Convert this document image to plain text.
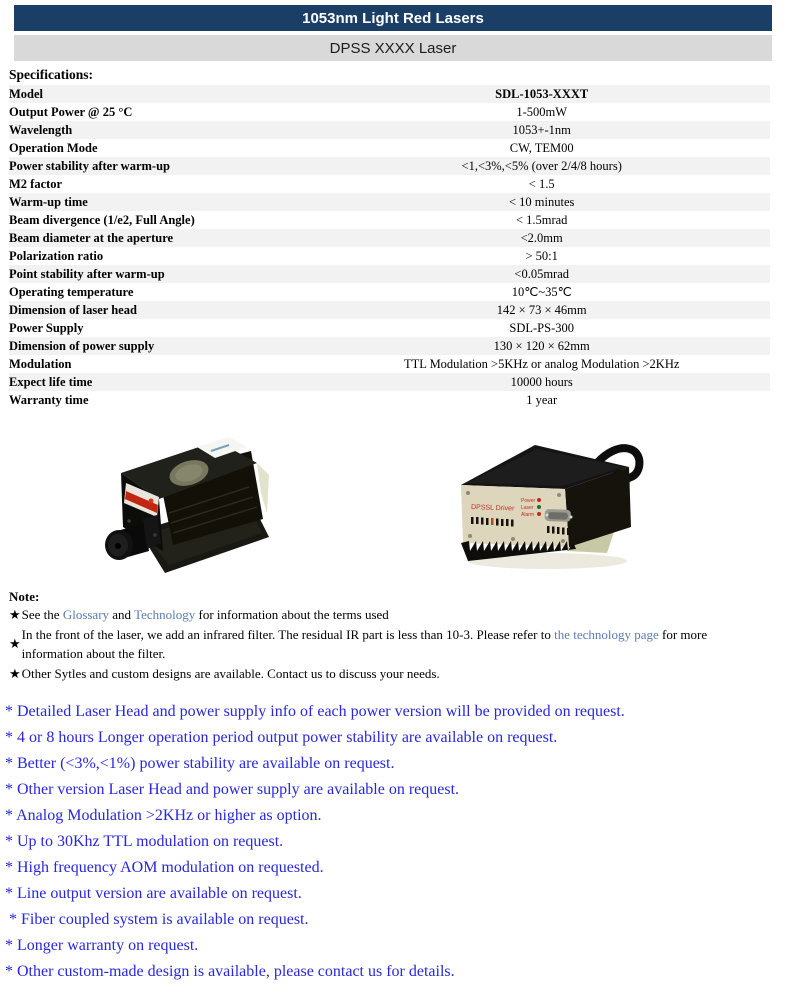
1053nm Light Red Lasers
DPSS XXXX Laser
Specifications:
Model	SDL-1053-XXXT
Output Power @ 25 °C	1-500mW
Wavelength	1053+-1nm
Operation Mode	CW, TEM00
Power stability after warm-up	<1,<3%,<5% (over 2/4/8 hours)
M2 factor	< 1.5
Warm-up time	< 10 minutes
Beam divergence (1/e2, Full Angle)	< 1.5mrad
Beam diameter at the aperture	<2.0mm
Polarization ratio	> 50:1
Point stability after warm-up	<0.05mrad
Operating temperature	10℃~35℃
Dimension of laser head	142 × 73 × 46mm
Power Supply	SDL-PS-300
Dimension of power supply	130 × 120 × 62mm
Modulation	TTL Modulation >5KHz or analog Modulation >2KHz
Expect life time	10000 hours
Warranty time	1 year
DPSSL Driver
Power
Laser
Alarm
Note:
★ See the Glossary and Technology for information about the terms used
★
In the front of the laser, we add an infrared filter. The residual IR part is less than 10-3. Please refer to the technology page for more information about the filter.
★ Other Sytles and custom designs are available. Contact us to discuss your needs.
* Detailed Laser Head and power supply info of each power version will be provided on request.
* 4 or 8 hours Longer operation period output power stability are available on request.
* Better (<3%,<1%) power stability are available on request.
* Other version Laser Head and power supply are available on request.
* Analog Modulation >2KHz or higher as option.
* Up to 30Khz TTL modulation on request.
* High frequency AOM modulation on requested.
* Line output version are available on request.
* Fiber coupled system is available on request.
* Longer warranty on request.
* Other custom-made design is available, please contact us for details.
